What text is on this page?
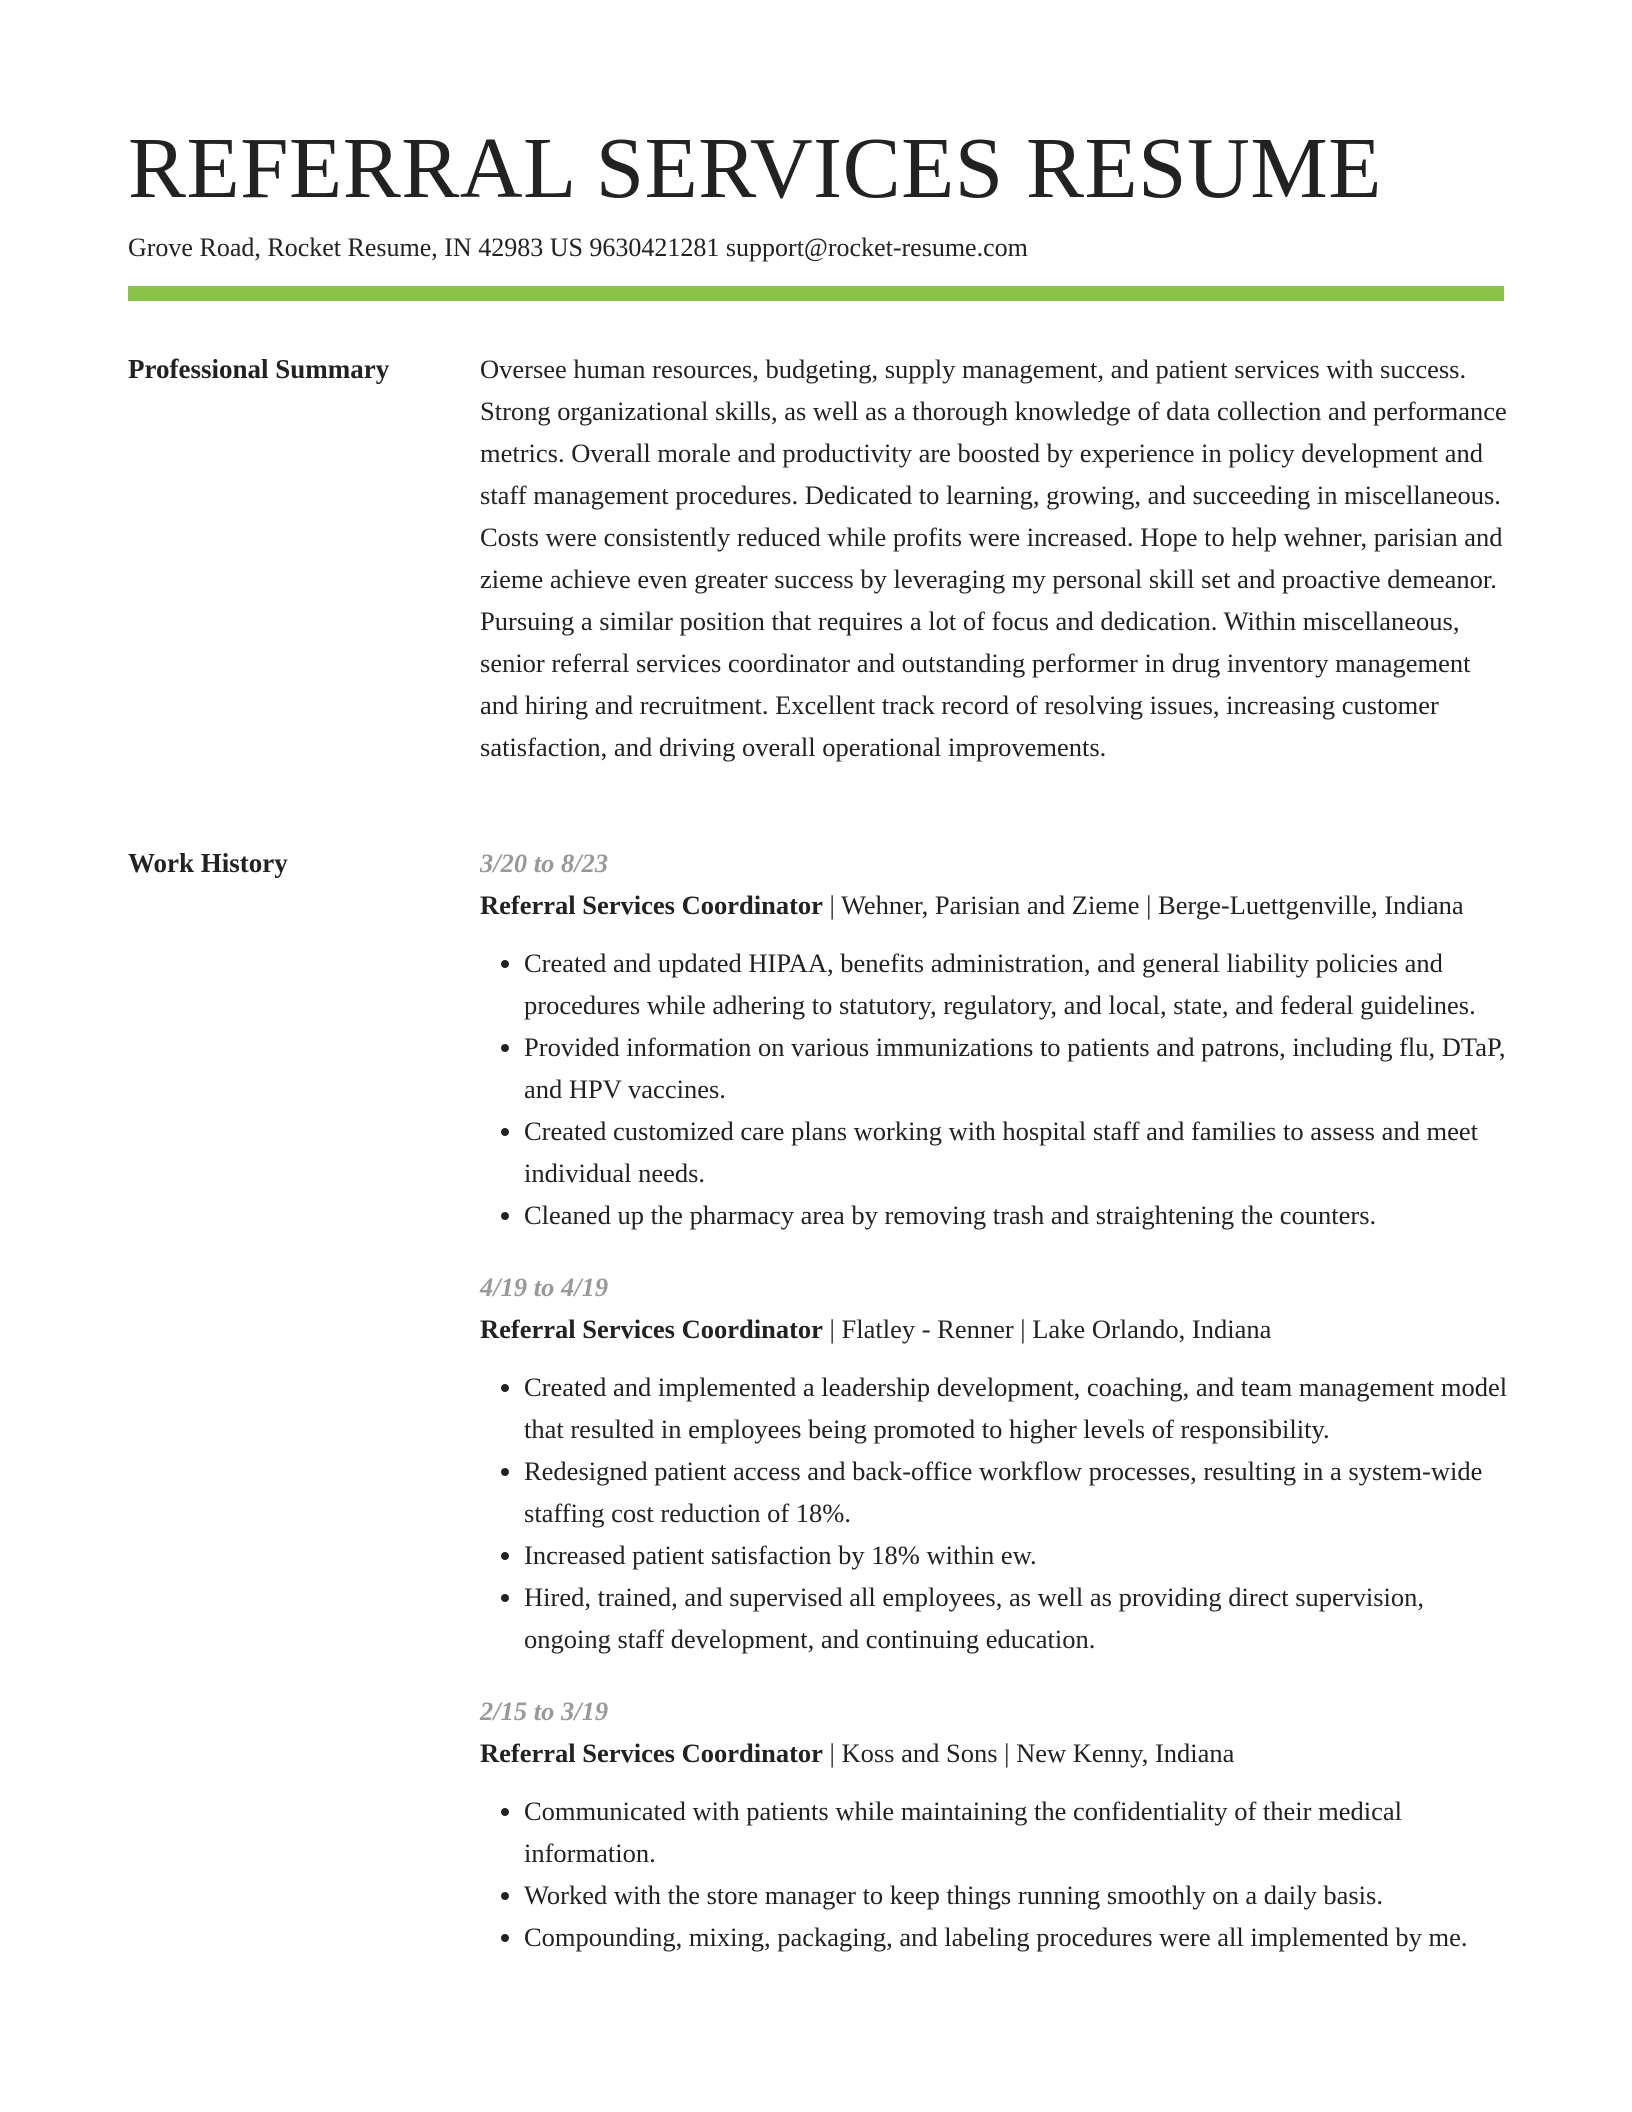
REFERRAL SERVICES RESUME
Grove Road, Rocket Resume, IN 42983 US 9630421281 support@rocket-resume.com
Professional Summary	Oversee human resources, budgeting, supply management, and patient services with success. Strong organizational skills, as well as a thorough knowledge of data collection and performance metrics. Overall morale and productivity are boosted by experience in policy development and staff management procedures. Dedicated to learning, growing, and succeeding in miscellaneous. Costs were consistently reduced while profits were increased. Hope to help wehner, parisian and zieme achieve even greater success by leveraging my personal skill set and proactive demeanor. Pursuing a similar position that requires a lot of focus and dedication. Within miscellaneous, senior referral services coordinator and outstanding performer in drug inventory management and hiring and recruitment. Excellent track record of resolving issues, increasing customer satisfaction, and driving overall operational improvements.

Work History	3/20 to 8/23
Referral Services Coordinator | Wehner, Parisian and Zieme | Berge-Luettgenville, Indiana
• Created and updated HIPAA, benefits administration, and general liability policies and procedures while adhering to statutory, regulatory, and local, state, and federal guidelines.
• Provided information on various immunizations to patients and patrons, including flu, DTaP, and HPV vaccines.
• Created customized care plans working with hospital staff and families to assess and meet individual needs.
• Cleaned up the pharmacy area by removing trash and straightening the counters.
4/19 to 4/19
Referral Services Coordinator | Flatley - Renner | Lake Orlando, Indiana
• Created and implemented a leadership development, coaching, and team management model that resulted in employees being promoted to higher levels of responsibility.
• Redesigned patient access and back-office workflow processes, resulting in a system-wide staffing cost reduction of 18%.
• Increased patient satisfaction by 18% within ew.
• Hired, trained, and supervised all employees, as well as providing direct supervision, ongoing staff development, and continuing education.
2/15 to 3/19
Referral Services Coordinator | Koss and Sons | New Kenny, Indiana
• Communicated with patients while maintaining the confidentiality of their medical information.
• Worked with the store manager to keep things running smoothly on a daily basis.
• Compounding, mixing, packaging, and labeling procedures were all implemented by me.
